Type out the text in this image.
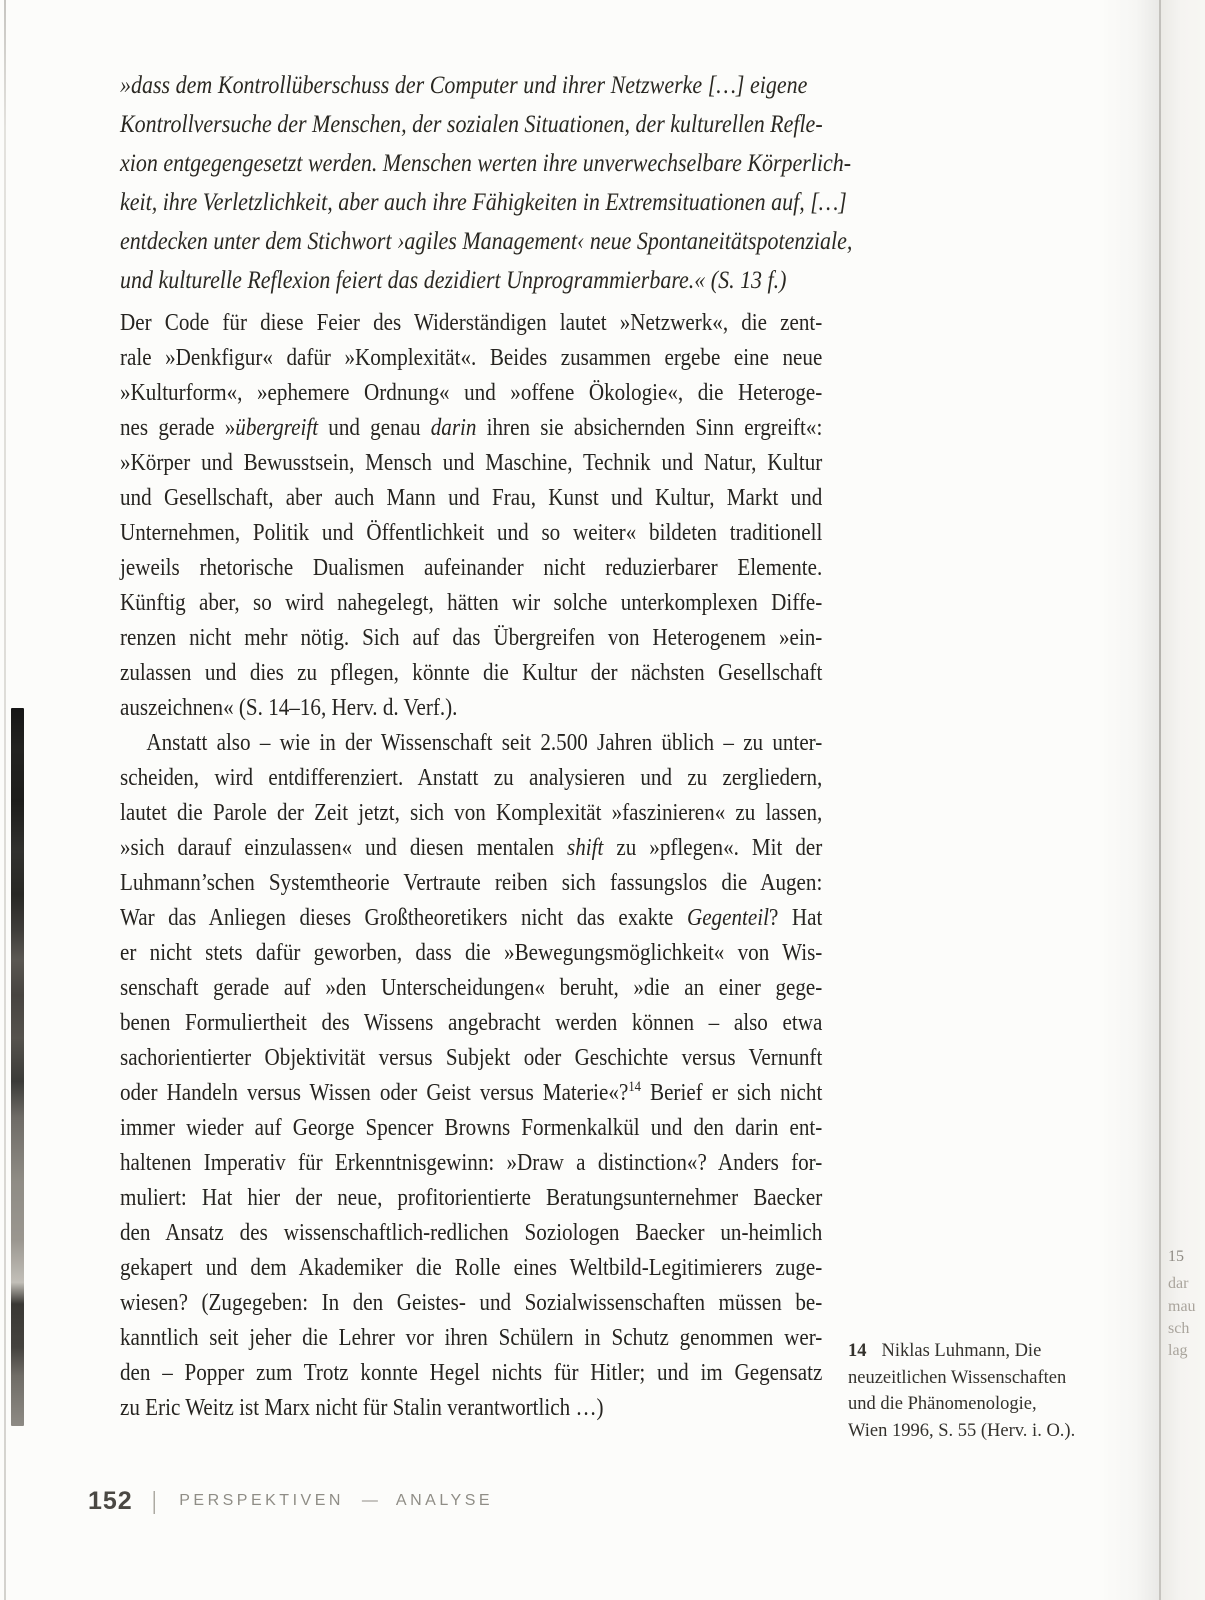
15
dar
mau
sch
lag
»dass dem Kontrollüberschuss der Computer und ihrer Netzwerke […] eigene
Kontrollversuche der Menschen, der sozialen Situationen, der kulturellen Refle-
xion entgegengesetzt werden. Menschen werten ihre unverwechselbare Körperlich-
keit, ihre Verletzlichkeit, aber auch ihre Fähigkeiten in Extremsituationen auf, […]
entdecken unter dem Stichwort ›agiles Management‹ neue Spontaneitätspotenziale,
und kulturelle Reflexion feiert das dezidiert Unprogrammierbare.« (S. 13 f.)
Der Code für diese Feier des Widerständigen lautet »Netzwerk«, die zent-
rale »Denkfigur« dafür »Komplexität«. Beides zusammen ergebe eine neue
»Kulturform«, »ephemere Ordnung« und »offene Ökologie«, die Heteroge-
nes gerade »übergreift und genau darin ihren sie absichernden Sinn ergreift«:
»Körper und Bewusstsein, Mensch und Maschine, Technik und Natur, Kultur
und Gesellschaft, aber auch Mann und Frau, Kunst und Kultur, Markt und
Unternehmen, Politik und Öffentlichkeit und so weiter« bildeten traditionell
jeweils rhetorische Dualismen aufeinander nicht reduzierbarer Elemente.
Künftig aber, so wird nahegelegt, hätten wir solche unterkomplexen Diffe-
renzen nicht mehr nötig. Sich auf das Übergreifen von Heterogenem »ein-
zulassen und dies zu pflegen, könnte die Kultur der nächsten Gesellschaft
auszeichnen« (S. 14–16, Herv. d. Verf.).
Anstatt also – wie in der Wissenschaft seit 2.500 Jahren üblich – zu unter-
scheiden, wird entdifferenziert. Anstatt zu analysieren und zu zergliedern,
lautet die Parole der Zeit jetzt, sich von Komplexität »faszinieren« zu lassen,
»sich darauf einzulassen« und diesen mentalen shift zu »pflegen«. Mit der
Luhmann’schen Systemtheorie Vertraute reiben sich fassungslos die Augen:
War das Anliegen dieses Großtheoretikers nicht das exakte Gegenteil? Hat
er nicht stets dafür geworben, dass die »Bewegungsmöglichkeit« von Wis-
senschaft gerade auf »den Unterscheidungen« beruht, »die an einer gege-
benen Formuliertheit des Wissens angebracht werden können – also etwa
sachorientierter Objektivität versus Subjekt oder Geschichte versus Vernunft
oder Handeln versus Wissen oder Geist versus Materie«?$^{14}$ Berief er sich nicht
immer wieder auf George Spencer Browns Formenkalkül und den darin ent-
haltenen Imperativ für Erkenntnisgewinn: »Draw a distinction«? Anders for-
muliert: Hat hier der neue, profitorientierte Beratungsunternehmer Baecker
den Ansatz des wissenschaftlich-redlichen Soziologen Baecker un-heimlich
gekapert und dem Akademiker die Rolle eines Weltbild-Legitimierers zuge-
wiesen? (Zugegeben: In den Geistes- und Sozialwissenschaften müssen be-
kanntlich seit jeher die Lehrer vor ihren Schülern in Schutz genommen wer-
den – Popper zum Trotz konnte Hegel nichts für Hitler; und im Gegensatz
zu Eric Weitz ist Marx nicht für Stalin verantwortlich …)
14 Niklas Luhmann, Die
neuzeitlichen Wissenschaften
und die Phänomenologie,
Wien 1996, S. 55 (Herv. i. O.).
152 | PERSPEKTIVEN — ANALYSE
